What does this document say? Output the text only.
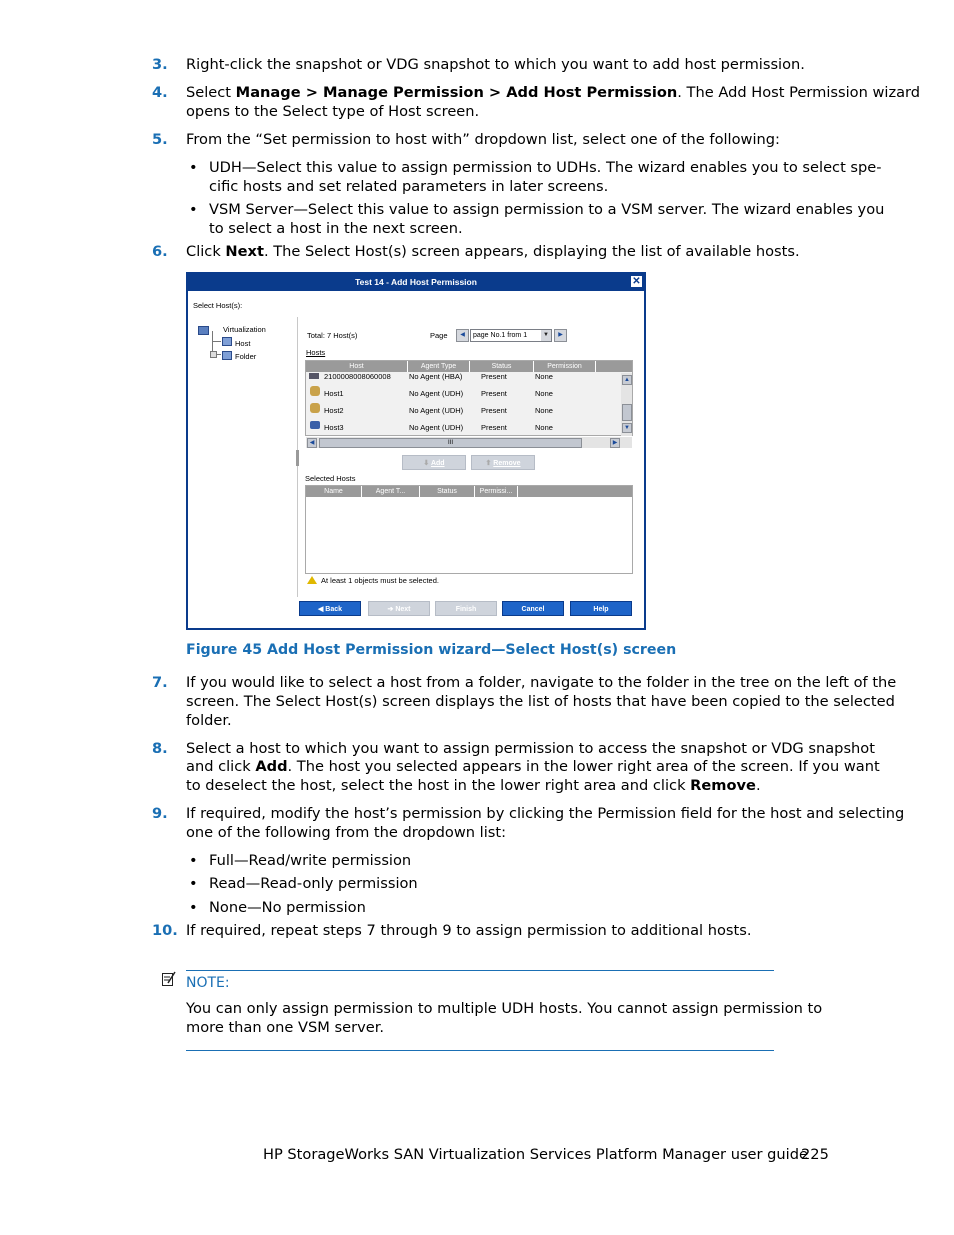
3. Right-click the snapshot or VDG snapshot to which you want to add host permission.
4. Select Manage > Manage Permission > Add Host Permission. The Add Host Permission wizard
opens to the Select type of Host screen.
5. From the “Set permission to host with” dropdown list, select one of the following:
• UDH—Select this value to assign permission to UDHs. The wizard enables you to select spe-
cific hosts and set related parameters in later screens.
• VSM Server—Select this value to assign permission to a VSM server. The wizard enables you
to select a host in the next screen.
6. Click Next. The Select Host(s) screen appears, displaying the list of available hosts.
Test 14 - Add Host Permission	✕
Select Host(s):
Virtualization
Host
Folder
Total: 7 Host(s)	Page	◀	page No.1 from 1	▼	▶
Hosts
Host	Agent Type	Status	Permission
2100008008060008 No Agent (HBA) Present	None
Host1	No Agent (UDH) Present	None
Host2	No Agent (UDH) Present	None
Host3	No Agent (UDH) Present	None
▲
▼
◀	III	▶
⬇ Add	⬆ Remove
Selected Hosts
Name	Agent T...	Status	Permissi...
At least 1 objects must be selected.
◀ Back	➔ Next	Finish	Cancel	Help
Figure 45 Add Host Permission wizard—Select Host(s) screen
7. If you would like to select a host from a folder, navigate to the folder in the tree on the left of the
screen. The Select Host(s) screen displays the list of hosts that have been copied to the selected
folder.
8. Select a host to which you want to assign permission to access the snapshot or VDG snapshot
and click Add. The host you selected appears in the lower right area of the screen. If you want
to deselect the host, select the host in the lower right area and click Remove.
9. If required, modify the host’s permission by clicking the Permission field for the host and selecting
one of the following from the dropdown list:
• Full—Read/write permission
• Read—Read-only permission
• None—No permission
10. If required, repeat steps 7 through 9 to assign permission to additional hosts.
NOTE:
You can only assign permission to multiple UDH hosts. You cannot assign permission to
more than one VSM server.
HP StorageWorks SAN Virtualization Services Platform Manager user guide
225
